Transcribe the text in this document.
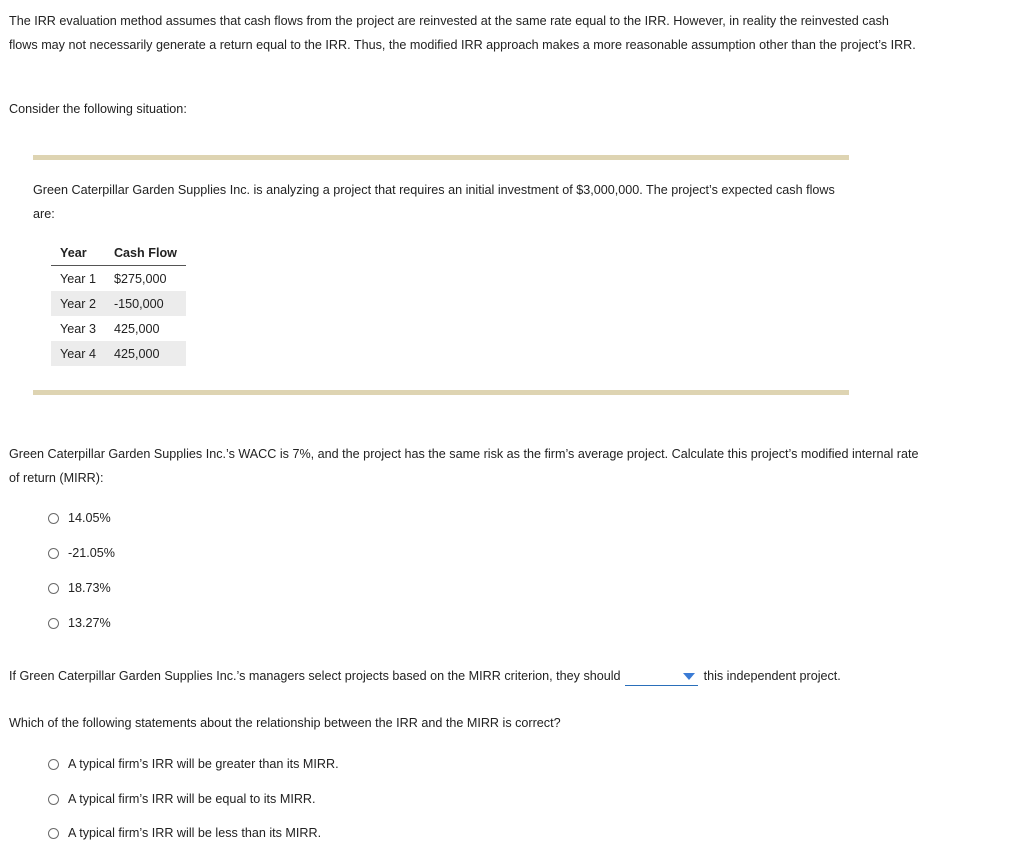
The IRR evaluation method assumes that cash flows from the project are reinvested at the same rate equal to the IRR. However, in reality the reinvested cash flows may not necessarily generate a return equal to the IRR. Thus, the modified IRR approach makes a more reasonable assumption other than the project’s IRR.

Consider the following situation:

Green Caterpillar Garden Supplies Inc. is analyzing a project that requires an initial investment of $3,000,000. The project’s expected cash flows are:

Year	Cash Flow
Year 1	$275,000
Year 2	-150,000
Year 3	425,000
Year 4	425,000

Green Caterpillar Garden Supplies Inc.’s WACC is 7%, and the project has the same risk as the firm’s average project. Calculate this project’s modified internal rate of return (MIRR):

14.05%
-21.05%
18.73%
13.27%
If Green Caterpillar Garden Supplies Inc.’s managers select projects based on the MIRR criterion, they should	this independent project.

Which of the following statements about the relationship between the IRR and the MIRR is correct?

A typical firm’s IRR will be greater than its MIRR.
A typical firm’s IRR will be equal to its MIRR.
A typical firm’s IRR will be less than its MIRR.
